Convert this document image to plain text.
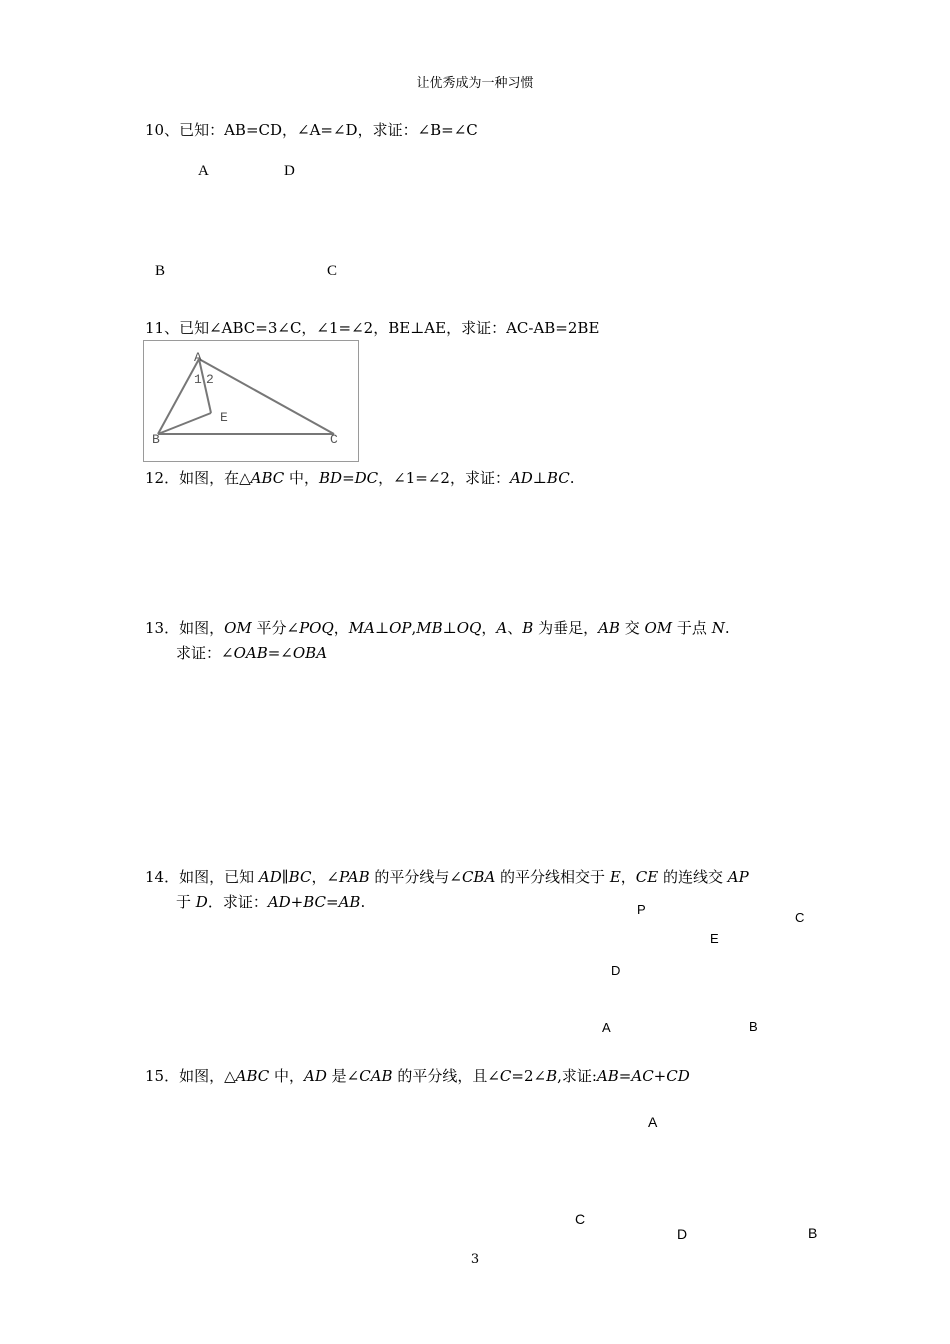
让优秀成为一种习惯
10、已知：AB=CD，∠A=∠D，求证：∠B=∠C
A	D
B	C
11、已知∠ABC=3∠C，∠1=∠2，BE⊥AE，求证：AC-AB=2BE
A
B	C
E
1 2
12．如图，在△ABC 中，BD=DC，∠1=∠2，求证：AD⊥BC.
13．如图，OM 平分∠POQ，MA⊥OP,MB⊥OQ，A、B 为垂足，AB 交 OM 于点 N.
求证：∠OAB=∠OBA
14．如图，已知 AD∥BC，∠PAB 的平分线与∠CBA 的平分线相交于 E，CE 的连线交 AP
于 D．求证：AD+BC=AB.	P
C
E
D
A	B
15．如图，△ABC 中，AD 是∠CAB 的平分线，且∠C=2∠B,求证:AB=AC+CD
A
C
D	B
3
